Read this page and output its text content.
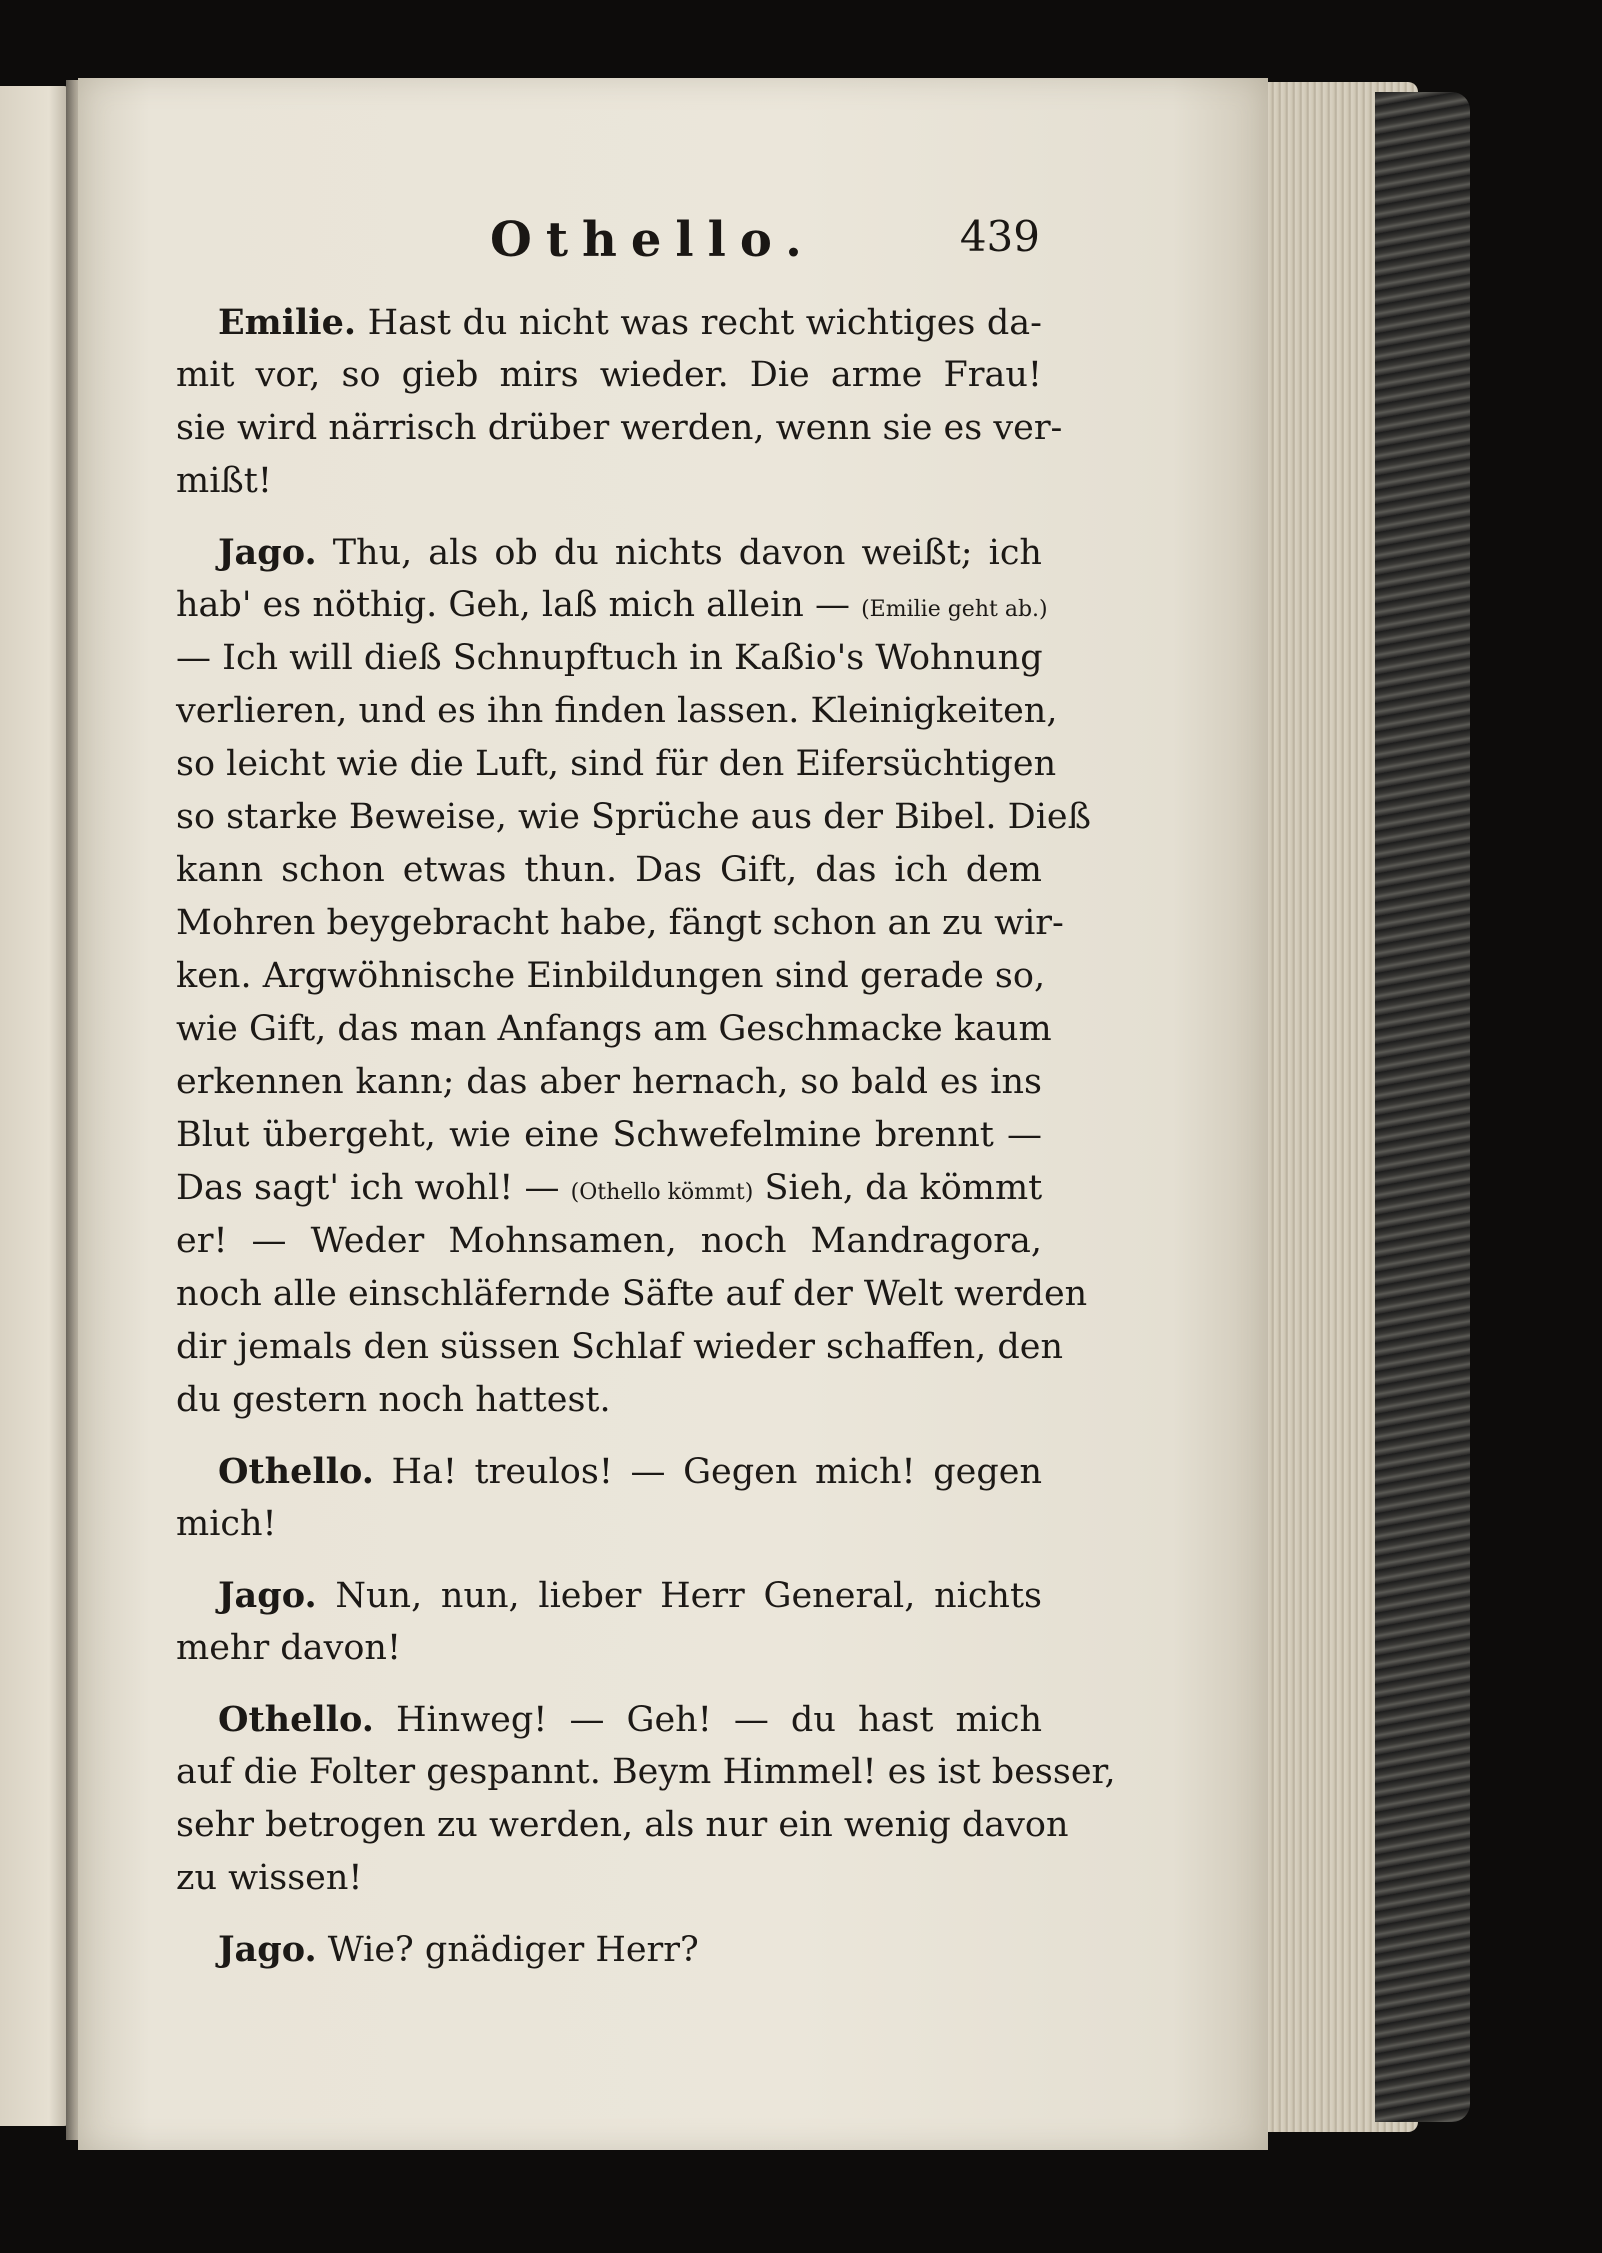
Othello.	439
Emilie. Hast du nicht was recht wichtiges da-
mit vor, so gieb mirs wieder. Die arme Frau!
sie wird närrisch drüber werden, wenn sie es ver-
mißt!
Jago. Thu, als ob du nichts davon weißt; ich
hab' es nöthig. Geh, laß mich allein — (Emilie geht ab.)
— Ich will dieß Schnupftuch in Kaßio's Wohnung
verlieren, und es ihn finden lassen. Kleinigkeiten,
so leicht wie die Luft, sind für den Eifersüchtigen
so starke Beweise, wie Sprüche aus der Bibel. Dieß
kann schon etwas thun. Das Gift, das ich dem
Mohren beygebracht habe, fängt schon an zu wir-
ken. Argwöhnische Einbildungen sind gerade so,
wie Gift, das man Anfangs am Geschmacke kaum
erkennen kann; das aber hernach, so bald es ins
Blut übergeht, wie eine Schwefelmine brennt —
Das sagt' ich wohl! — (Othello kömmt) Sieh, da kömmt
er! — Weder Mohnsamen, noch Mandragora,
noch alle einschläfernde Säfte auf der Welt werden
dir jemals den süssen Schlaf wieder schaffen, den
du gestern noch hattest.
Othello. Ha! treulos! — Gegen mich! gegen
mich!
Jago. Nun, nun, lieber Herr General, nichts
mehr davon!
Othello. Hinweg! — Geh! — du hast mich
auf die Folter gespannt. Beym Himmel! es ist besser,
sehr betrogen zu werden, als nur ein wenig davon
zu wissen!
Jago. Wie? gnädiger Herr?
